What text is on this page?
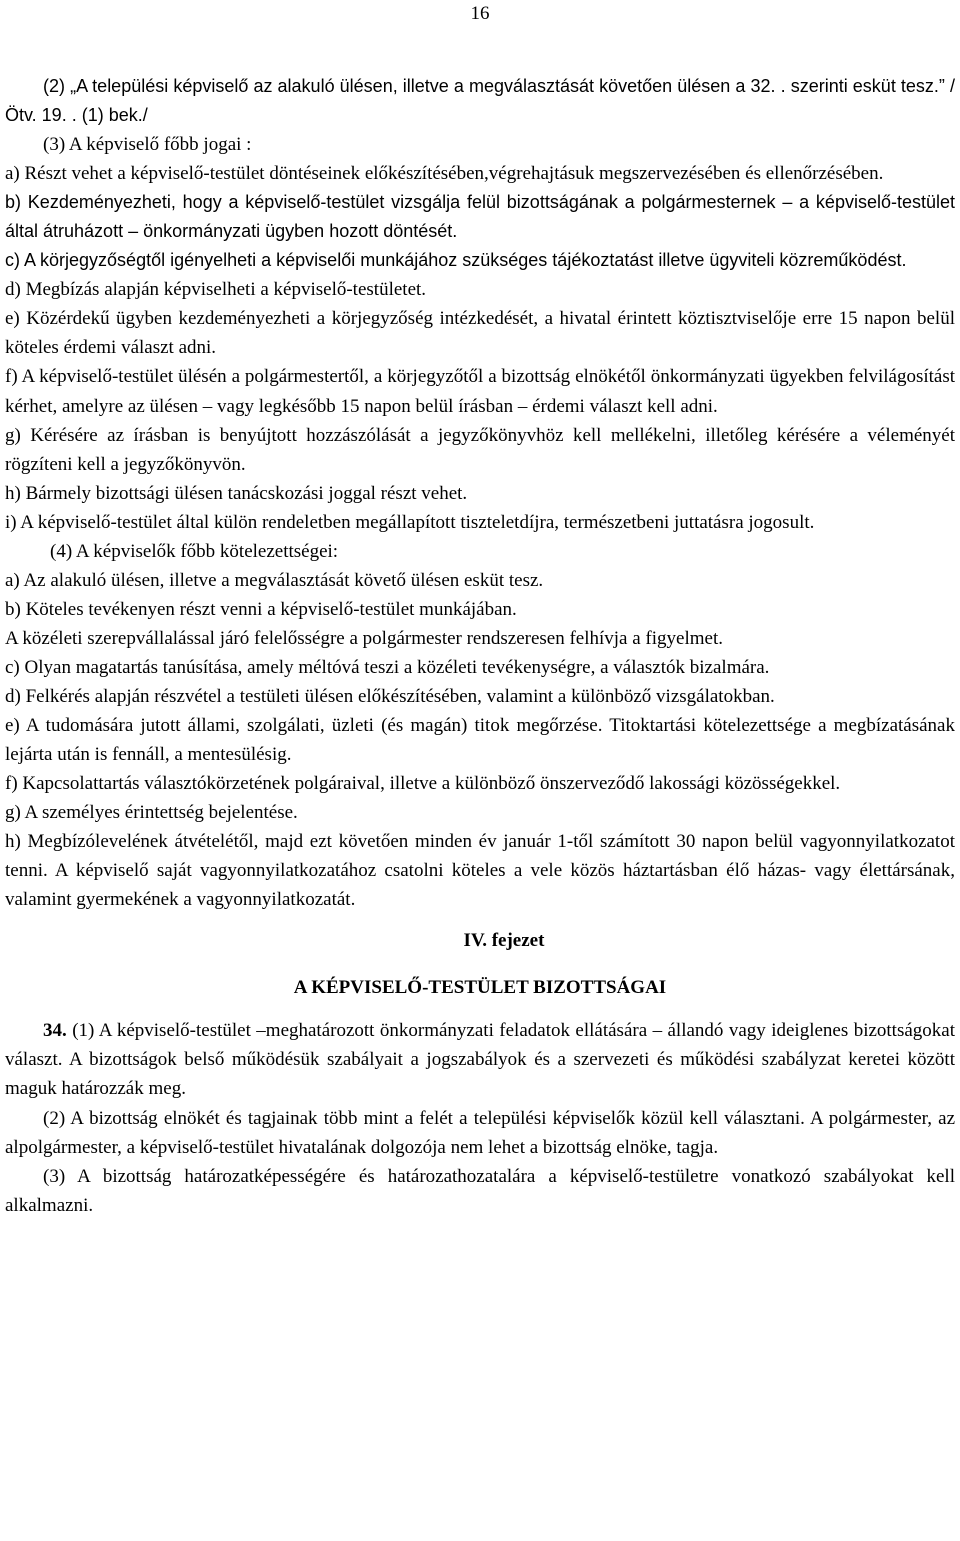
16

(2) „A települési képviselő az alakuló ülésen, illetve a megválasztását követően ülésen a 32. . szerinti esküt tesz.” /Ötv. 19. . (1) bek./

(3) A képviselő főbb jogai :

a) Részt vehet a képviselő-testület döntéseinek előkészítésében,végrehajtásuk megszervezésében és ellenőrzésében.

b) Kezdeményezheti, hogy a képviselő-testület vizsgálja felül bizottságának a polgármesternek – a képviselő-testület által átruházott – önkormányzati ügyben hozott döntését.

c) A körjegyzőségtől igényelheti a képviselői munkájához szükséges tájékoztatást illetve ügyviteli közreműködést.

d) Megbízás alapján képviselheti a képviselő-testületet.

e) Közérdekű ügyben kezdeményezheti a körjegyzőség intézkedését, a hivatal érintett köztisztviselője erre 15 napon belül köteles érdemi választ adni.

f) A képviselő-testület ülésén a polgármestertől, a körjegyzőtől a bizottság elnökétől önkormányzati ügyekben felvilágosítást kérhet, amelyre az ülésen – vagy legkésőbb 15 napon belül írásban – érdemi választ kell adni.

g) Kérésére az írásban is benyújtott hozzászólását a jegyzőkönyvhöz kell mellékelni, illetőleg kérésére a véleményét rögzíteni kell a jegyzőkönyvön.

h) Bármely bizottsági ülésen tanácskozási joggal részt vehet.

i) A képviselő-testület által külön rendeletben megállapított tiszteletdíjra, természetbeni juttatásra jogosult.

(4) A képviselők főbb kötelezettségei:

a) Az alakuló ülésen, illetve a megválasztását követő ülésen esküt tesz.

b) Köteles tevékenyen részt venni a képviselő-testület munkájában.

A közéleti szerepvállalással járó felelősségre a polgármester rendszeresen felhívja a figyelmet.

c) Olyan magatartás tanúsítása, amely méltóvá teszi a közéleti tevékenységre, a választók bizalmára.

d) Felkérés alapján részvétel a testületi ülésen előkészítésében, valamint a különböző vizsgálatokban.

e) A tudomására jutott állami, szolgálati, üzleti (és magán) titok megőrzése. Titoktartási kötelezettsége a megbízatásának lejárta után is fennáll, a mentesülésig.

f) Kapcsolattartás választókörzetének polgáraival, illetve a különböző önszerveződő lakossági közösségekkel.

g) A személyes érintettség bejelentése.

h) Megbízólevelének átvételétől, majd ezt követően minden év január 1-től számított 30 napon belül vagyonnyilatkozatot tenni. A képviselő saját vagyonnyilatkozatához csatolni köteles a vele közös háztartásban élő házas- vagy élettársának, valamint gyermekének a vagyonnyilatkozatát.

IV. fejezet

A KÉPVISELŐ-TESTÜLET BIZOTTSÁGAI

34. (1) A képviselő-testület –meghatározott önkormányzati feladatok ellátására – állandó vagy ideiglenes bizottságokat választ. A bizottságok belső működésük szabályait a jogszabályok és a szervezeti és működési szabályzat keretei között maguk határozzák meg.

(2) A bizottság elnökét és tagjainak több mint a felét a települési képviselők közül kell választani. A polgármester, az alpolgármester, a képviselő-testület hivatalának dolgozója nem lehet a bizottság elnöke, tagja.

(3) A bizottság határozatképességére és határozathozatalára a képviselő-testületre vonatkozó szabályokat kell alkalmazni.
